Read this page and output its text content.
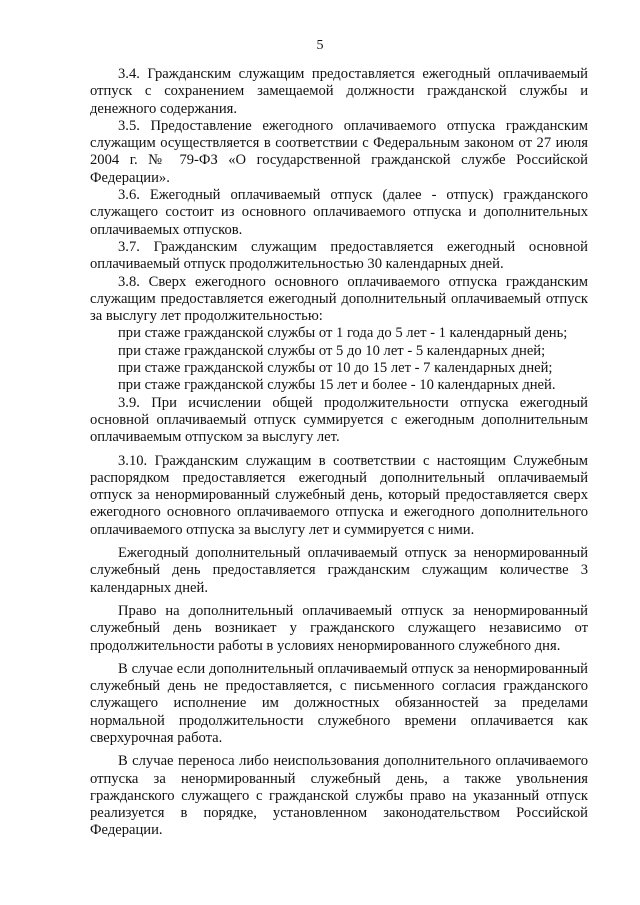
5

3.4. Гражданским служащим предоставляется ежегодный оплачиваемый отпуск с сохранением замещаемой должности гражданской службы и денежного содержания.

3.5. Предоставление ежегодного оплачиваемого отпуска гражданским служащим осуществляется в соответствии с Федеральным законом от 27 июля 2004 г. № 79-ФЗ «О государственной гражданской службе Российской Федерации».

3.6. Ежегодный оплачиваемый отпуск (далее - отпуск) гражданского служащего состоит из основного оплачиваемого отпуска и дополнительных оплачиваемых отпусков.

3.7. Гражданским служащим предоставляется ежегодный основной оплачиваемый отпуск продолжительностью 30 календарных дней.

3.8. Сверх ежегодного основного оплачиваемого отпуска гражданским служащим предоставляется ежегодный дополнительный оплачиваемый отпуск за выслугу лет продолжительностью:

при стаже гражданской службы от 1 года до 5 лет - 1 календарный день;

при стаже гражданской службы от 5 до 10 лет - 5 календарных дней;

при стаже гражданской службы от 10 до 15 лет - 7 календарных дней;

при стаже гражданской службы 15 лет и более - 10 календарных дней.

3.9. При исчислении общей продолжительности отпуска ежегодный основной оплачиваемый отпуск суммируется с ежегодным дополнительным оплачиваемым отпуском за выслугу лет.

3.10. Гражданским служащим в соответствии с настоящим Служебным распорядком предоставляется ежегодный дополнительный оплачиваемый отпуск за ненормированный служебный день, который предоставляется сверх ежегодного основного оплачиваемого отпуска и ежегодного дополнительного оплачиваемого отпуска за выслугу лет и суммируется с ними.

Ежегодный дополнительный оплачиваемый отпуск за ненормированный служебный день предоставляется гражданским служащим количестве 3 календарных дней.

Право на дополнительный оплачиваемый отпуск за ненормированный служебный день возникает у гражданского служащего независимо от продолжительности работы в условиях ненормированного служебного дня.

В случае если дополнительный оплачиваемый отпуск за ненормированный служебный день не предоставляется, с письменного согласия гражданского служащего исполнение им должностных обязанностей за пределами нормальной продолжительности служебного времени оплачивается как сверхурочная работа.

В случае переноса либо неиспользования дополнительного оплачиваемого отпуска за ненормированный служебный день, а также увольнения гражданского служащего с гражданской службы право на указанный отпуск реализуется в порядке, установленном законодательством Российской Федерации.
